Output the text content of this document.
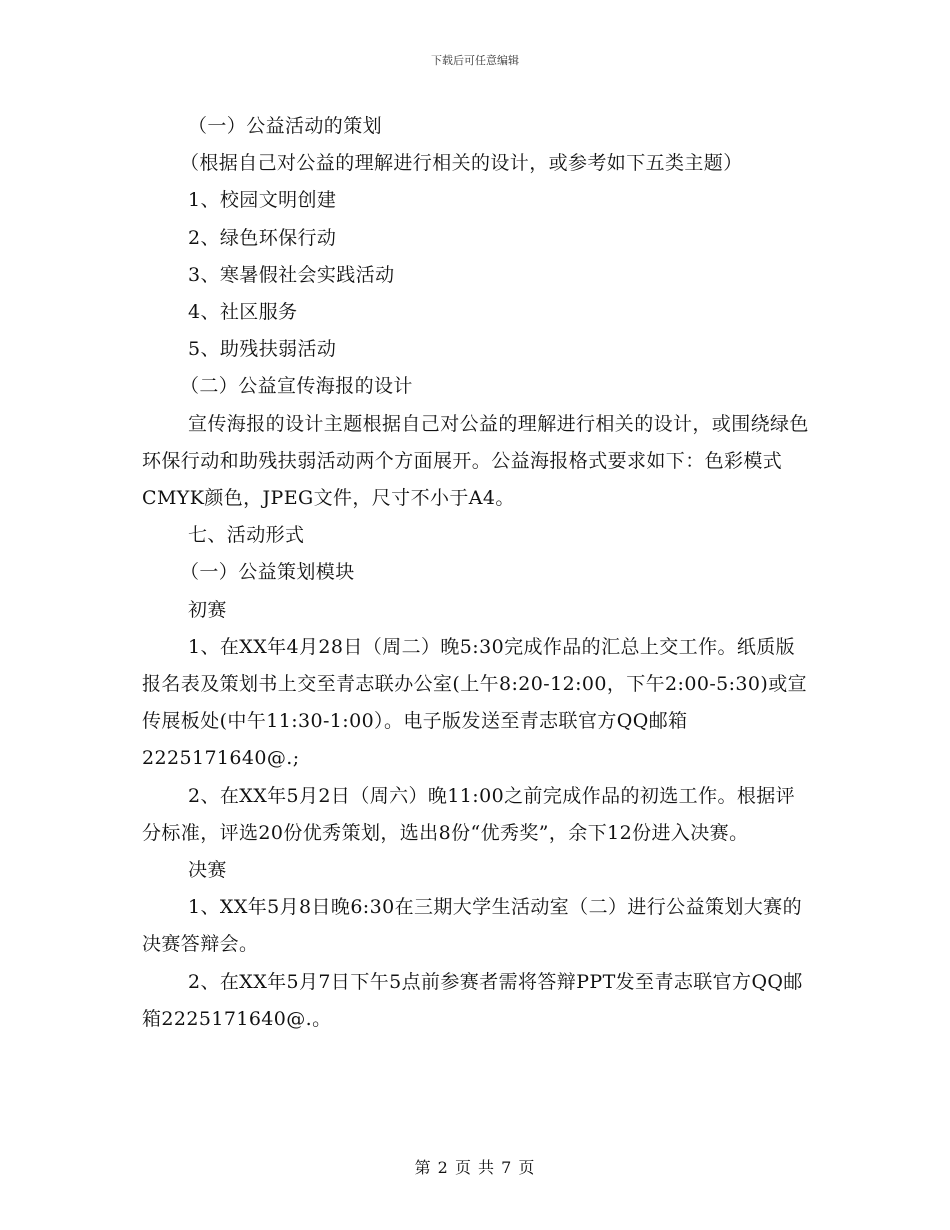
下载后可任意编辑

（一）公益活动的策划

（根据自己对公益的理解进行相关的设计，或参考如下五类主题）

1、校园文明创建

2、绿色环保行动

3、寒暑假社会实践活动

4、社区服务

5、助残扶弱活动

（二）公益宣传海报的设计

宣传海报的设计主题根据自己对公益的理解进行相关的设计，或围绕绿色环保行动和助残扶弱活动两个方面展开。公益海报格式要求如下：色彩模式CMYK颜色，JPEG文件，尺寸不小于A4。

七、活动形式

（一）公益策划模块

初赛

1、在XX年4月28日（周二）晚5:30完成作品的汇总上交工作。纸质版报名表及策划书上交至青志联办公室(上午8:20-12:00，下午2:00-5:30)或宣传展板处(中午11:30-1:00）。电子版发送至青志联官方QQ邮箱2225171640@.;

2、在XX年5月2日（周六）晚11:00之前完成作品的初选工作。根据评分标准，评选20份优秀策划，选出8份“优秀奖”，余下12份进入决赛。

决赛

1、XX年5月8日晚6:30在三期大学生活动室（二）进行公益策划大赛的决赛答辩会。

2、在XX年5月7日下午5点前参赛者需将答辩PPT发至青志联官方QQ邮箱2225171640@.。

第 2 页 共 7 页
